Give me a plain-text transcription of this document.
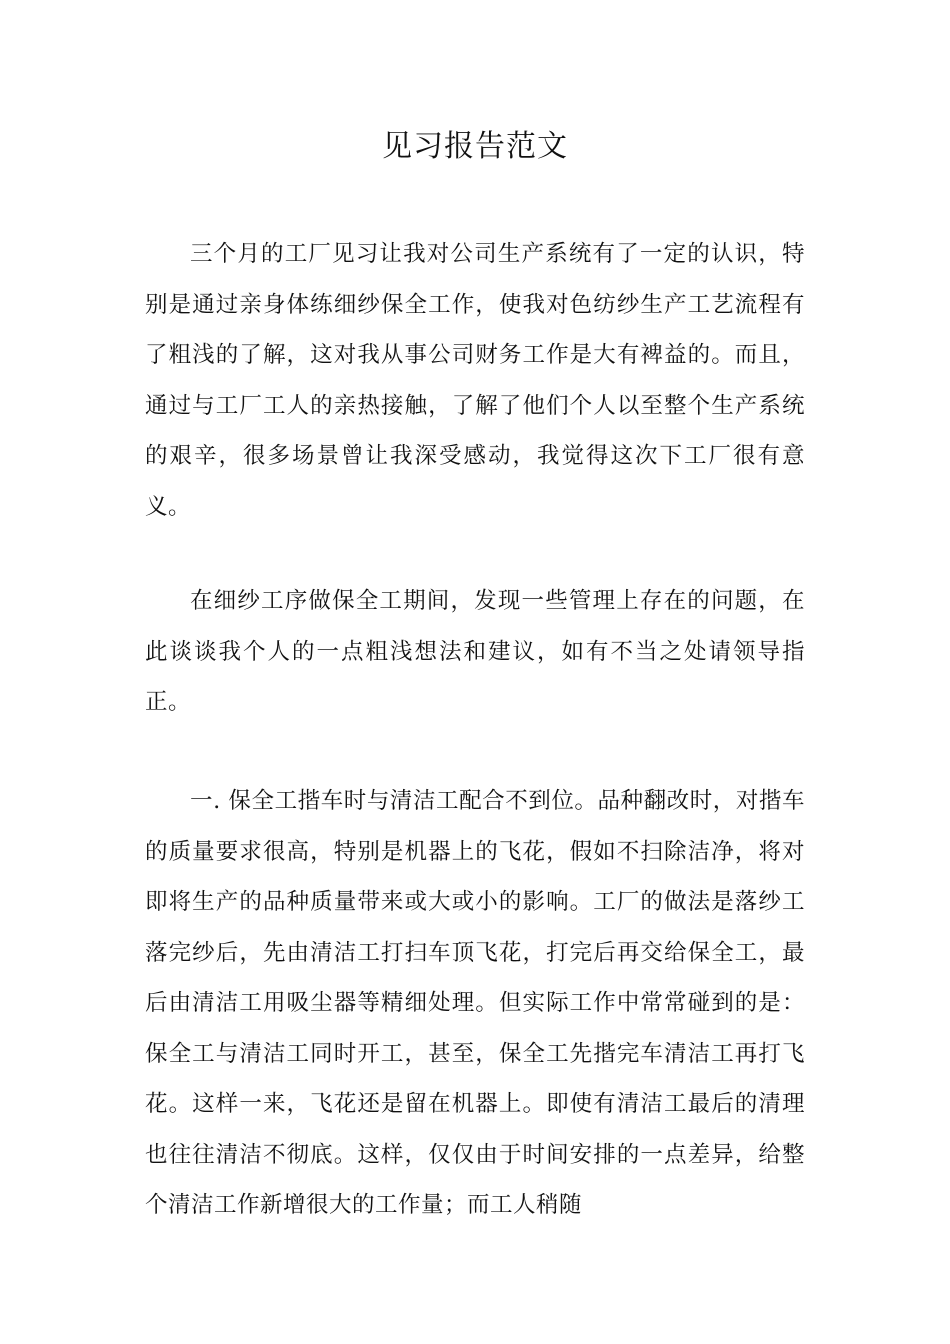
见习报告范文

三个月的工厂见习让我对公司生产系统有了一定的认识，特别是通过亲身体练细纱保全工作，使我对色纺纱生产工艺流程有了粗浅的了解，这对我从事公司财务工作是大有裨益的。而且，通过与工厂工人的亲热接触，了解了他们个人以至整个生产系统的艰辛，很多场景曾让我深受感动，我觉得这次下工厂很有意义。

在细纱工序做保全工期间，发现一些管理上存在的问题，在此谈谈我个人的一点粗浅想法和建议，如有不当之处请领导指正。

一. 保全工揩车时与清洁工配合不到位。品种翻改时，对揩车的质量要求很高，特别是机器上的飞花，假如不扫除洁净，将对即将生产的品种质量带来或大或小的影响。工厂的做法是落纱工落完纱后，先由清洁工打扫车顶飞花，打完后再交给保全工，最后由清洁工用吸尘器等精细处理。但实际工作中常常碰到的是：保全工与清洁工同时开工，甚至，保全工先揩完车清洁工再打飞花。这样一来，飞花还是留在机器上。即使有清洁工最后的清理也往往清洁不彻底。这样，仅仅由于时间安排的一点差异，给整个清洁工作新增很大的工作量；而工人稍随
